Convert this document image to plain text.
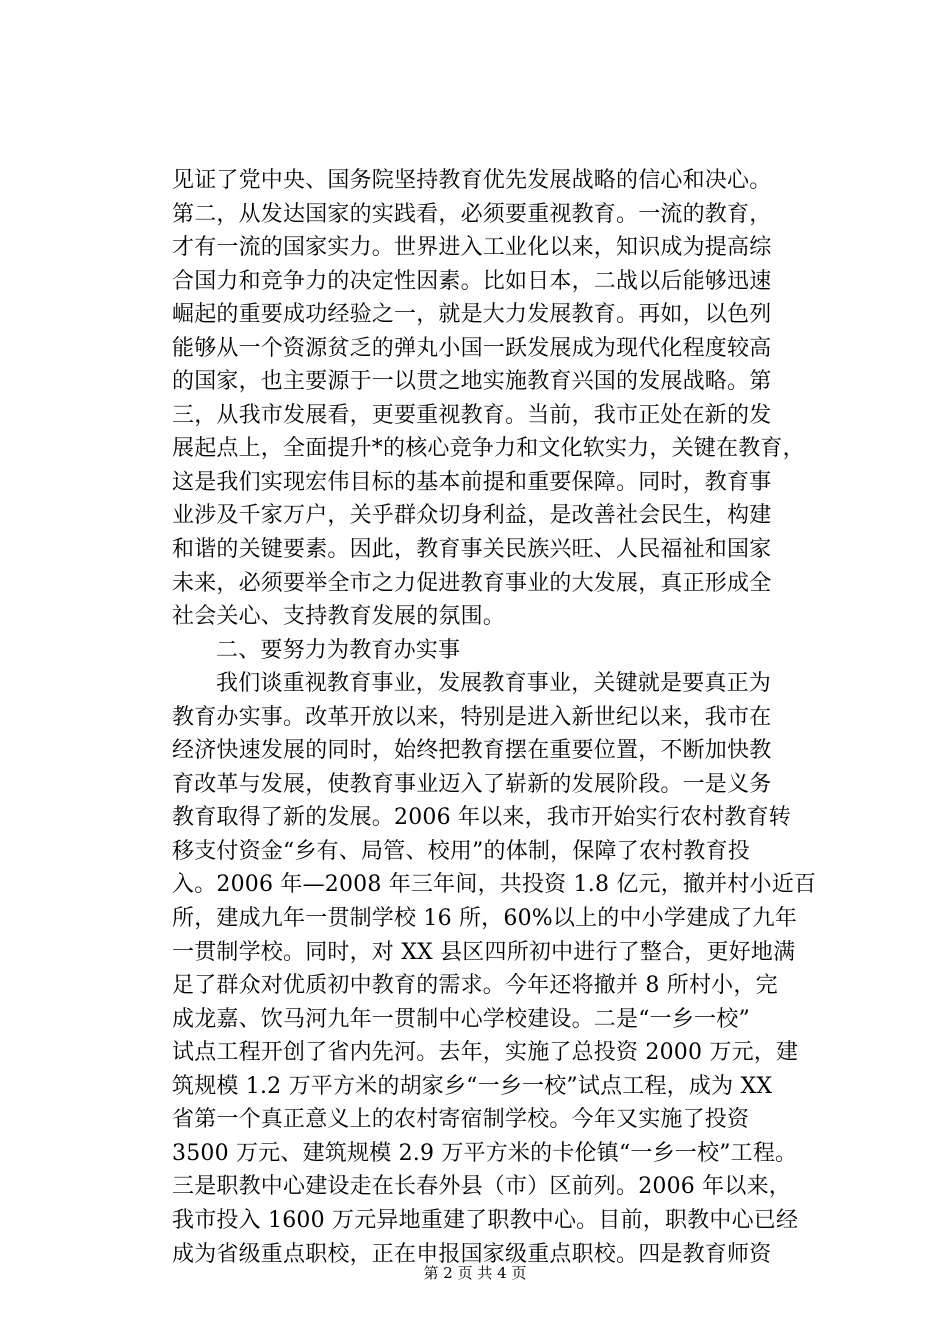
见证了党中央、国务院坚持教育优先发展战略的信心和决心。
第二，从发达国家的实践看，必须要重视教育。一流的教育，
才有一流的国家实力。世界进入工业化以来，知识成为提高综
合国力和竞争力的决定性因素。比如日本，二战以后能够迅速
崛起的重要成功经验之一，就是大力发展教育。再如，以色列
能够从一个资源贫乏的弹丸小国一跃发展成为现代化程度较高
的国家，也主要源于一以贯之地实施教育兴国的发展战略。第
三，从我市发展看，更要重视教育。当前，我市正处在新的发
展起点上，全面提升*的核心竞争力和文化软实力，关键在教育，
这是我们实现宏伟目标的基本前提和重要保障。同时，教育事
业涉及千家万户，关乎群众切身利益，是改善社会民生，构建
和谐的关键要素。因此，教育事关民族兴旺、人民福祉和国家
未来，必须要举全市之力促进教育事业的大发展，真正形成全
社会关心、支持教育发展的氛围。
二、要努力为教育办实事
我们谈重视教育事业，发展教育事业，关键就是要真正为
教育办实事。改革开放以来，特别是进入新世纪以来，我市在
经济快速发展的同时，始终把教育摆在重要位置，不断加快教
育改革与发展，使教育事业迈入了崭新的发展阶段。一是义务
教育取得了新的发展。2006 年以来，我市开始实行农村教育转
移支付资金“乡有、局管、校用”的体制，保障了农村教育投
入。2006 年—2008 年三年间，共投资 1.8 亿元，撤并村小近百
所，建成九年一贯制学校 16 所，60%以上的中小学建成了九年
一贯制学校。同时，对 XX 县区四所初中进行了整合，更好地满
足了群众对优质初中教育的需求。今年还将撤并 8 所村小，完
成龙嘉、饮马河九年一贯制中心学校建设。二是“一乡一校”
试点工程开创了省内先河。去年，实施了总投资 2000 万元，建
筑规模 1.2 万平方米的胡家乡“一乡一校”试点工程，成为 XX
省第一个真正意义上的农村寄宿制学校。今年又实施了投资
3500 万元、建筑规模 2.9 万平方米的卡伦镇“一乡一校”工程。
三是职教中心建设走在长春外县（市）区前列。2006 年以来，
我市投入 1600 万元异地重建了职教中心。目前，职教中心已经
成为省级重点职校，正在申报国家级重点职校。四是教育师资
第 2 页 共 4 页
